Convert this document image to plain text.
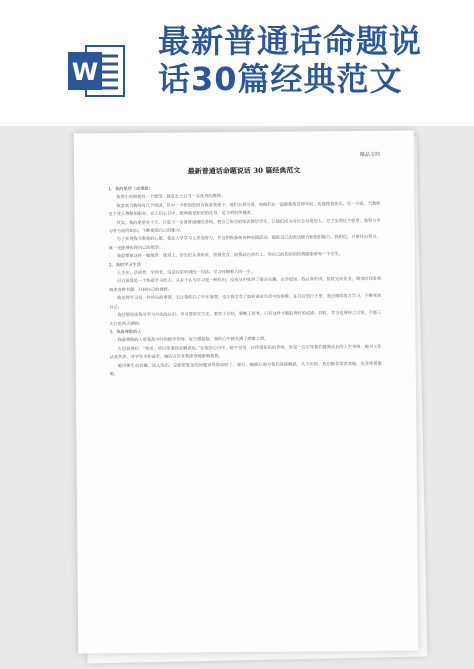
W
最新普通话命题说
话30篇经典范文
精品文档
最新普通话命题说话 30 篇经典范文

1、我的愿望（或理想）

我曾小时候就有一个愿望，就是长大后当一名优秀的教师。

我喜欢当教师有几个原因，其中一个原因是因为我喜欢孩子，他们天真可爱，和他们在一起能使我觉得年轻，也能使我快乐。另一方面，当教师是个受人尊敬的职业，在人们心目中，教师就是知识的化身，是文明的传播者。

其实，我的愿望并不大，只是当一名普普通通的老师，把自己所学的知识教给学生，让他们成为对社会有用的人。为了实现这个愿望，我努力学习各方面的知识，不断提高自己的能力。

为了实现我当教师的心愿，我在大学学习上更加努力，并且积极参加各种实践活动，锻炼自己的表达能力和组织能力。我相信，只要付出努力，就一定能够实现自己的愿望。

我爱想象这样一幅情景：课堂上，学生们认真听讲，积极发言，而我站在讲台上，用自己的知识和热情感染着每一个学生。

2、我的学习生活

人生在，活到老，学到老，这是经常听到的一句话。学习伴随着人的一生。

可以说我是一个热爱学习的人。从来不认为学习是一种负担，反而从中获得了很多乐趣。在学校里，我认真听讲，按时完成作业，课余时间喜欢阅读各种书籍，开阔自己的视野。

我觉得学习是一件快乐的事情，它让我明白了许多道理，也让我学会了如何面对生活中的困难。在以后的日子里，我会继续努力学习，不断充实自己。

我还想谈谈我对学习方法的认识。学习要讲究方法，要善于总结，要勤于思考，只有这样才能取得好的成绩。同时，学习也要持之以恒，不能三天打鱼两天晒网。

3、我最尊敬的人

我最尊敬的人是我高中时的数学老师。每当想起她，我的心中就充满了感激之情。

古语说得好：“师者，所以传道授业解惑也。”在我的心目中，她不仅是一位传授知识的老师，更是一位引导我们健康成长的人生导师。她对工作认真负责，对学生关怀备至，她的言传身教深深地影响着我。

她讲课生动有趣，深入浅出，总能把复杂的问题讲得简单明了。课后，她耐心地为我们答疑解惑，从不厌烦。我们都非常喜欢她，也非常尊敬她。
